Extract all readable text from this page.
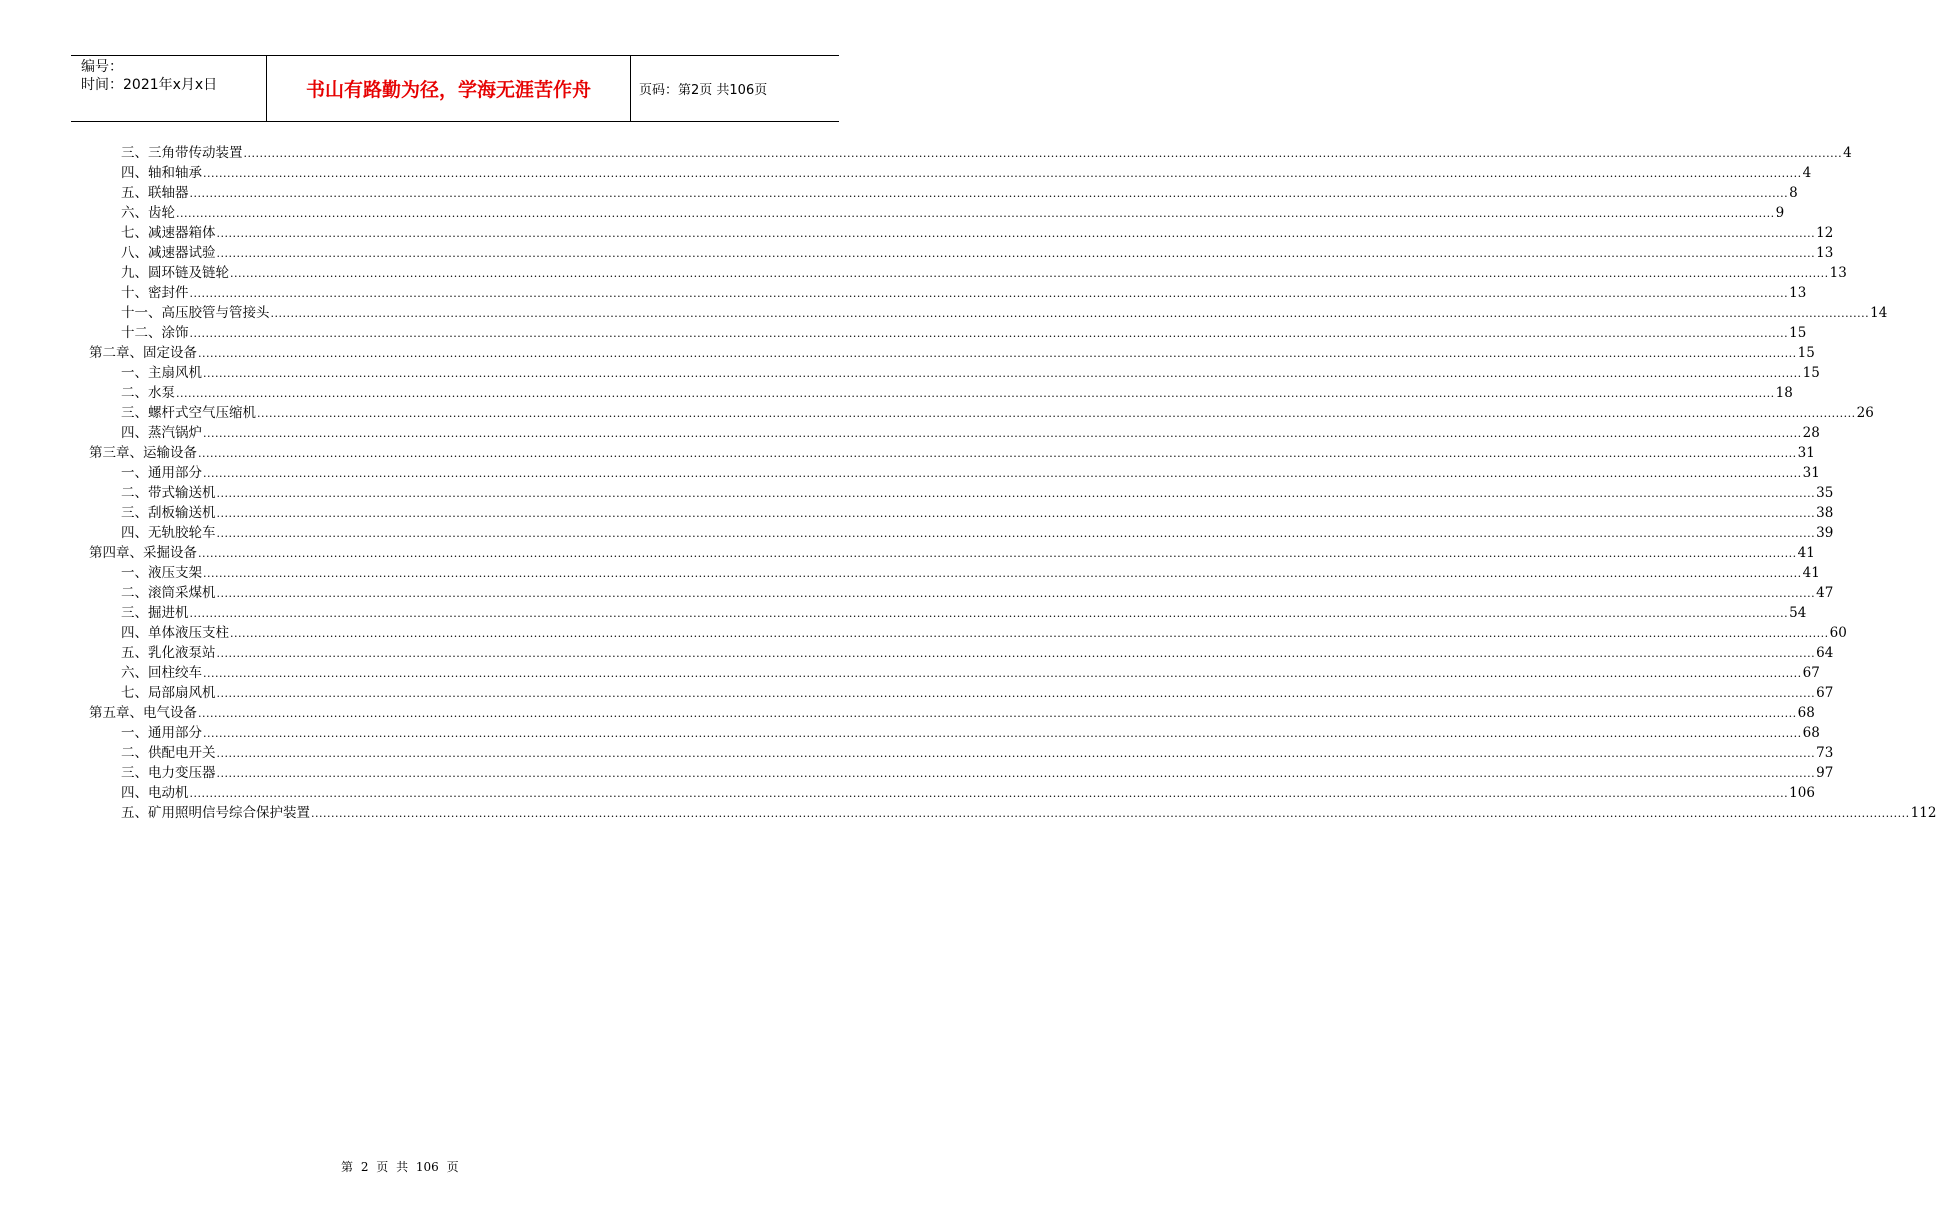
编号：
时间：2021年x月x日	书山有路勤为径，学海无涯苦作舟	页码：第2页 共106页
三、三角带传动装置 ................................................................................................................................................................................................................................................................................................................................................................................................................ 4
四、轴和轴承 ................................................................................................................................................................................................................................................................................................................................................................................................................ 4
五、联轴器 ................................................................................................................................................................................................................................................................................................................................................................................................................ 8
六、齿轮 ................................................................................................................................................................................................................................................................................................................................................................................................................ 9
七、减速器箱体 ................................................................................................................................................................................................................................................................................................................................................................................................................ 12
八、减速器试验 ................................................................................................................................................................................................................................................................................................................................................................................................................ 13
九、圆环链及链轮 ................................................................................................................................................................................................................................................................................................................................................................................................................ 13
十、密封件 ................................................................................................................................................................................................................................................................................................................................................................................................................ 13
十一、高压胶管与管接头 ................................................................................................................................................................................................................................................................................................................................................................................................................ 14
十二、涂饰 ................................................................................................................................................................................................................................................................................................................................................................................................................ 15
第二章、固定设备 ................................................................................................................................................................................................................................................................................................................................................................................................................ 15
一、主扇风机 ................................................................................................................................................................................................................................................................................................................................................................................................................ 15
二、水泵 ................................................................................................................................................................................................................................................................................................................................................................................................................ 18
三、螺杆式空气压缩机 ................................................................................................................................................................................................................................................................................................................................................................................................................ 26
四、蒸汽锅炉 ................................................................................................................................................................................................................................................................................................................................................................................................................ 28
第三章、运输设备 ................................................................................................................................................................................................................................................................................................................................................................................................................ 31
一、通用部分 ................................................................................................................................................................................................................................................................................................................................................................................................................ 31
二、带式输送机 ................................................................................................................................................................................................................................................................................................................................................................................................................ 35
三、刮板输送机 ................................................................................................................................................................................................................................................................................................................................................................................................................ 38
四、无轨胶轮车 ................................................................................................................................................................................................................................................................................................................................................................................................................ 39
第四章、采掘设备 ................................................................................................................................................................................................................................................................................................................................................................................................................ 41
一、液压支架 ................................................................................................................................................................................................................................................................................................................................................................................................................ 41
二、滚筒采煤机 ................................................................................................................................................................................................................................................................................................................................................................................................................ 47
三、掘进机 ................................................................................................................................................................................................................................................................................................................................................................................................................ 54
四、单体液压支柱 ................................................................................................................................................................................................................................................................................................................................................................................................................ 60
五、乳化液泵站 ................................................................................................................................................................................................................................................................................................................................................................................................................ 64
六、回柱绞车 ................................................................................................................................................................................................................................................................................................................................................................................................................ 67
七、局部扇风机 ................................................................................................................................................................................................................................................................................................................................................................................................................ 67
第五章、电气设备 ................................................................................................................................................................................................................................................................................................................................................................................................................ 68
一、通用部分 ................................................................................................................................................................................................................................................................................................................................................................................................................ 68
二、供配电开关 ................................................................................................................................................................................................................................................................................................................................................................................................................ 73
三、电力变压器 ................................................................................................................................................................................................................................................................................................................................................................................................................ 97
四、电动机 ................................................................................................................................................................................................................................................................................................................................................................................................................ 106
五、矿用照明信号综合保护装置 ................................................................................................................................................................................................................................................................................................................................................................................................................ 112
第 2 页 共 106 页
